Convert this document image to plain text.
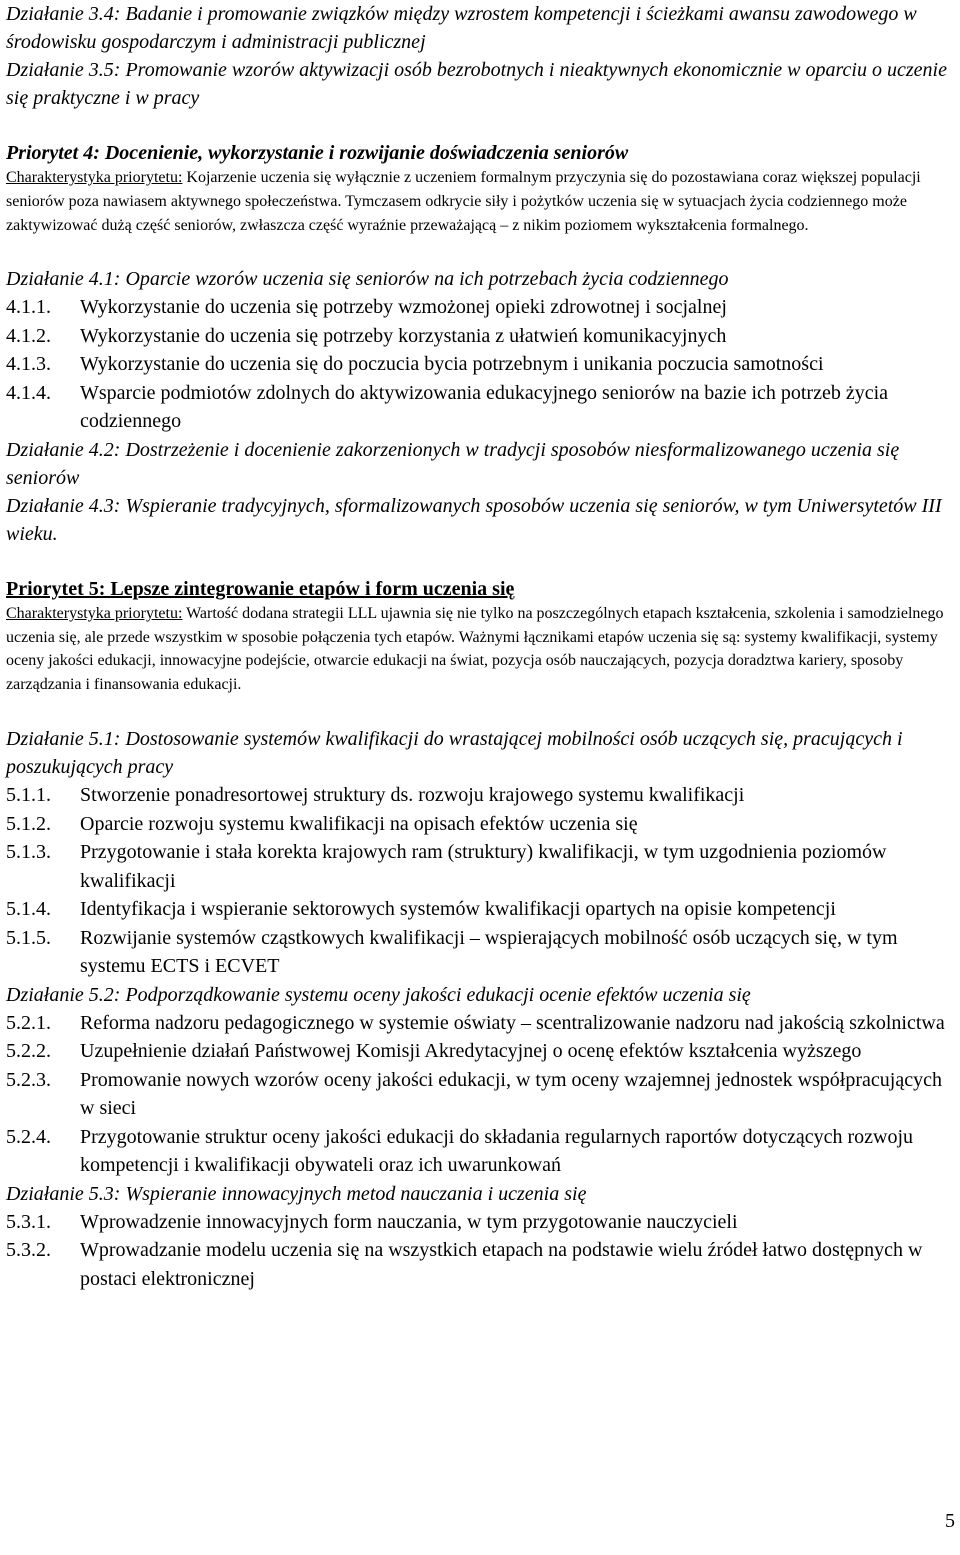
Działanie 3.4: Badanie i promowanie związków między wzrostem kompetencji i ścieżkami awansu zawodowego w środowisku gospodarczym i administracji publicznej

Działanie 3.5: Promowanie wzorów aktywizacji osób bezrobotnych i nieaktywnych ekonomicznie w oparciu o uczenie się praktyczne i w pracy

Priorytet 4: Docenienie, wykorzystanie i rozwijanie doświadczenia seniorów

Charakterystyka priorytetu: Kojarzenie uczenia się wyłącznie z uczeniem formalnym przyczynia się do pozostawiana coraz większej populacji seniorów poza nawiasem aktywnego społeczeństwa. Tymczasem odkrycie siły i pożytków uczenia się w sytuacjach życia codziennego może zaktywizować dużą część seniorów, zwłaszcza część wyraźnie przeważającą – z nikim poziomem wykształcenia formalnego.

Działanie 4.1: Oparcie wzorów uczenia się seniorów na ich potrzebach życia codziennego

4.1.1.	Wykorzystanie do uczenia się potrzeby wzmożonej opieki zdrowotnej i socjalnej
4.1.2.	Wykorzystanie do uczenia się potrzeby korzystania z ułatwień komunikacyjnych
4.1.3.	Wykorzystanie do uczenia się do poczucia bycia potrzebnym i unikania poczucia samotności
4.1.4.	Wsparcie podmiotów zdolnych do aktywizowania edukacyjnego seniorów na bazie ich potrzeb życia codziennego

Działanie 4.2: Dostrzeżenie i docenienie zakorzenionych w tradycji sposobów niesformalizowanego uczenia się seniorów

Działanie 4.3: Wspieranie tradycyjnych, sformalizowanych sposobów uczenia się seniorów, w tym Uniwersytetów III wieku.

Priorytet 5: Lepsze zintegrowanie etapów i form uczenia się

Charakterystyka priorytetu: Wartość dodana strategii LLL ujawnia się nie tylko na poszczególnych etapach kształcenia, szkolenia i samodzielnego uczenia się, ale przede wszystkim w sposobie połączenia tych etapów. Ważnymi łącznikami etapów uczenia się są: systemy kwalifikacji, systemy oceny jakości edukacji, innowacyjne podejście, otwarcie edukacji na świat, pozycja osób nauczających, pozycja doradztwa kariery, sposoby zarządzania i finansowania edukacji.

Działanie 5.1: Dostosowanie systemów kwalifikacji do wrastającej mobilności osób uczących się, pracujących i poszukujących pracy

5.1.1.	Stworzenie ponadresortowej struktury ds. rozwoju krajowego systemu kwalifikacji
5.1.2.	Oparcie rozwoju systemu kwalifikacji na opisach efektów uczenia się
5.1.3.	Przygotowanie i stała korekta krajowych ram (struktury) kwalifikacji, w tym uzgodnienia poziomów kwalifikacji
5.1.4.	Identyfikacja i wspieranie sektorowych systemów kwalifikacji opartych na opisie kompetencji
5.1.5.	Rozwijanie systemów cząstkowych kwalifikacji – wspierających mobilność osób uczących się, w tym systemu ECTS i ECVET

Działanie 5.2: Podporządkowanie systemu oceny jakości edukacji ocenie efektów uczenia się

5.2.1.	Reforma nadzoru pedagogicznego w systemie oświaty – scentralizowanie nadzoru nad jakością szkolnictwa
5.2.2.	Uzupełnienie działań Państwowej Komisji Akredytacyjnej o ocenę efektów kształcenia wyższego
5.2.3.	Promowanie nowych wzorów oceny jakości edukacji, w tym oceny wzajemnej jednostek współpracujących w sieci
5.2.4.	Przygotowanie struktur oceny jakości edukacji do składania regularnych raportów dotyczących rozwoju kompetencji i kwalifikacji obywateli oraz ich uwarunkowań

Działanie 5.3: Wspieranie innowacyjnych metod nauczania i uczenia się

5.3.1.	Wprowadzenie innowacyjnych form nauczania, w tym przygotowanie nauczycieli
5.3.2.	Wprowadzanie modelu uczenia się na wszystkich etapach na podstawie wielu źródeł łatwo dostępnych w postaci elektronicznej
5
